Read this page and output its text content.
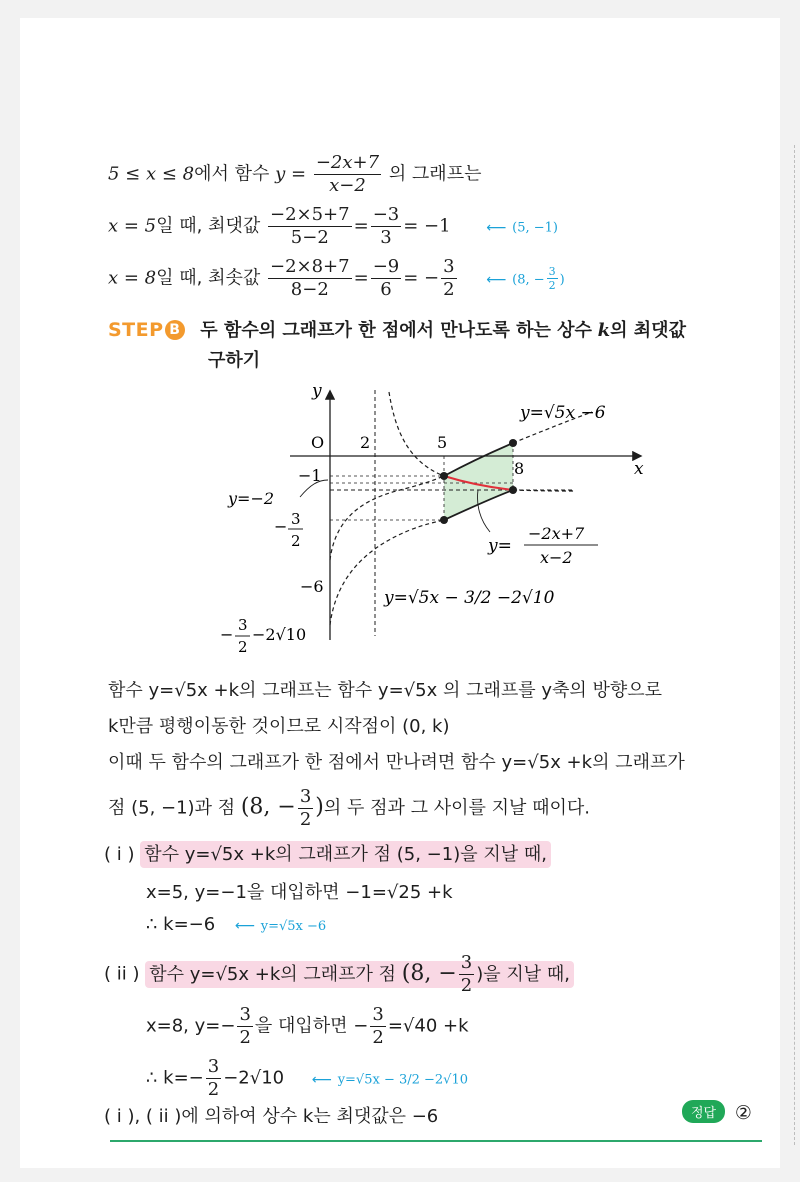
5 ≤ x ≤ 8에서 함수 $y = \frac{-2x+7}{x-2}$ 의 그래프는
x = 5일 때, 최댓값 $\frac{-2\times 5+7}{5-2} = \frac{-3}{3} = -1$	⟵ (5, −1)
x = 8일 때, 최솟값 $\frac{-2\times 8+7}{8-2} = \frac{-9}{6}$ = − $\frac{3}{2}$ ⟵ (8, − $\frac{3}{2}$ )
STEP B 두 함수의 그래프가 한 점에서 만나도록 하는 상수 k의 최댓값
구하기
y
x
O 2	5
8
−1
y=−2
− 3
2
−6
− 3
2
−2√10
y=√5x −6
y=
−2x+7
x−2
y=√5x − 3/2 −2√10
함수 y=√5x +k의 그래프는 함수 y=√5x 의 그래프를 y축의 방향으로
k만큼 평행이동한 것이므로 시작점이 (0, k)
이때 두 함수의 그래프가 한 점에서 만나려면 함수 y=√5x +k의 그래프가
점 (5, −1)과 점 (8, − $\frac{3}{2}$ )의 두 점과 그 사이를 지날 때이다.
( i ) 함수 y=√5x +k의 그래프가 점 (5, −1)을 지날 때,
x=5, y=−1을 대입하면 −1=√25 +k
∴ k=−6 ⟵ y=√5x −6
( ii ) 함수 y=√5x +k의 그래프가 점 (8, − $\frac{3}{2}$ )을 지날 때,
x=8, $y=- \frac{3}{2}$ 을 대입하면 − $\frac{3}{2} =√40 +k$
∴ $k=- \frac{3}{2} -2√10$ ⟵ y=√5x − 3/2 −2√10
( i ), ( ii )에 의하여 상수 k는 최댓값은 −6	정답 ②
